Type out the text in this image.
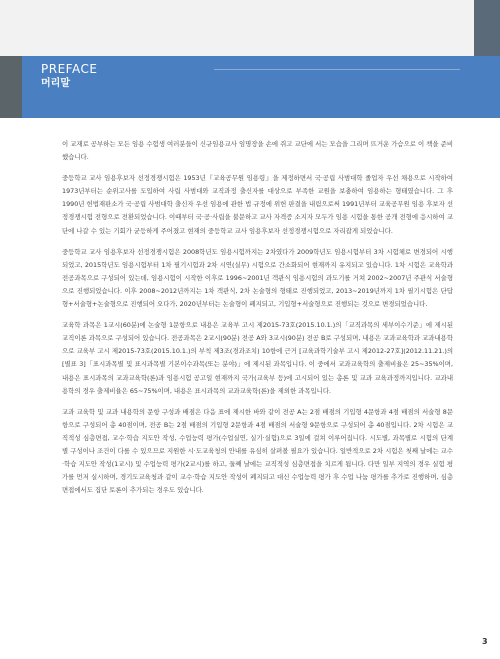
PREFACE
머리말

이 교재로 공부하는 모든 임용 수험생 여러분들이 신규임용교사 임명장을 손에 쥐고 교단에 서는 모습을 그리며 뜨거운 가슴으로 이 책을 준비했습니다.

중등학교 교사 임용후보자 선정경쟁시험은 1953년『교육공무원 임용령』을 제정하면서 국·공립 사범대학 졸업자 우선 채용으로 시작하여 1973년부터는 순위고사를 도입하여 사립 사범대와 교직과정 출신자를 대상으로 부족한 교원을 보충하여 임용하는 형태였습니다. 그 후 1990년 헌법재판소가 국·공립 사범대학 출신자 우선 임용에 관한 법 규정에 위헌 판결을 내림으로써 1991년부터 교육공무원 임용 후보자 선정경쟁시험 전형으로 전환되었습니다. 이때부터 국·공·사립을 불문하고 교사 자격증 소지자 모두가 임용 시험을 통한 공개 전형에 응시하여 교단에 나갈 수 있는 기회가 균등하게 주어졌고 현재의 중등학교 교사 임용후보자 선정경쟁시험으로 자리잡게 되었습니다.

중등학교 교사 임용후보자 선정경쟁시험은 2008학년도 임용시험까지는 2차였다가 2009학년도 임용시험부터 3차 시험체로 변경되어 시행되었고, 2015학년도 임용시험부터 1차 필기시험과 2차 시연(실무) 시험으로 간소화되어 현재까지 유지되고 있습니다. 1차 시험은 교육학과 전공과목으로 구성되어 있는데, 임용시험이 시작한 이후로 1996~2001년 객관식 임용시험의 과도기를 거쳐 2002~2007년 주관식 서술형으로 진행되었습니다. 이후 2008~2012년까지는 1차 객관식, 2차 논술형의 형태로 진행되었고, 2013~2019년까지 1차 필기시험은 단답형+서술형+논술형으로 진행되어 오다가, 2020년부터는 논술형이 폐지되고, 기입형+서술형으로 진행되는 것으로 변경되었습니다.

교육학 과목은 1교시(60분)에 논술형 1문항으로 내용은 교육부 고시 제2015-73호(2015.10.1.)의「교직과목의 세부이수기준」에 제시된 교직이론 과목으로 구성되어 있습니다. 전공과목은 2교시(90분) 전공 A와 3교시(90분) 전공 B로 구성되며, 내용은 교과교육학과 교과내용학으로 교육부 고시 제2015-73호(2015.10.1.)의 부칙 제3조(경과조치) 10항에 근거 [교육과학기술부 고시 제2012-27호](2012.11.21.)의 [별표 3]「표시과목별 및 표시과목별 기본이수과목(또는 분야)」에 제시된 과목입니다. 이 중에서 교과교육학의 출제비율은 25~35%이며, 내용은 표시과목의 교과교육학(론)과 임용시험 공고일 현재까지 국가(교육부 등)에 고시되어 있는 총론 및 교과 교육과정까지입니다. 교과내용학의 경우 출제비율은 65~75%이며, 내용은 표시과목의 교과교육학(론)을 제외한 과목입니다.

교과 교육학 및 교과 내용학의 문항 구성과 배점은 다음 표에 제시한 바와 같이 전공 A는 2점 배점의 기입형 4문항과 4점 배점의 서술형 8문항으로 구성되어 총 40점이며, 전공 B는 2점 배점의 기입형 2문항과 4점 배점의 서술형 9문항으로 구성되어 총 40점입니다. 2차 시험은 교직적성 심층면접, 교수·학습 지도안 작성, 수업능력 평가(수업실연, 실기·실험)으로 3일에 걸쳐 이루어집니다. 시도별, 과목별로 시험의 단계별 구성이나 조건이 다를 수 있으므로 지원한 시·도교육청의 안내를 유심히 살펴볼 필요가 있습니다. 일반적으로 2차 시험은 첫째 날에는 교수·학습 지도안 작성(1교시) 및 수업능력 평가(2교시)를 하고, 둘째 날에는 교직적성 심층면접을 치르게 됩니다. 다만 일부 지역의 경우 실험 평가를 먼저 실시하며, 경기도교육청과 같이 교수·학습 지도안 작성이 폐지되고 대신 수업능력 평가 후 수업 나눔 평가를 추가로 진행하며, 심층면접에서도 집단 토론이 추가되는 경우도 있습니다.

3
